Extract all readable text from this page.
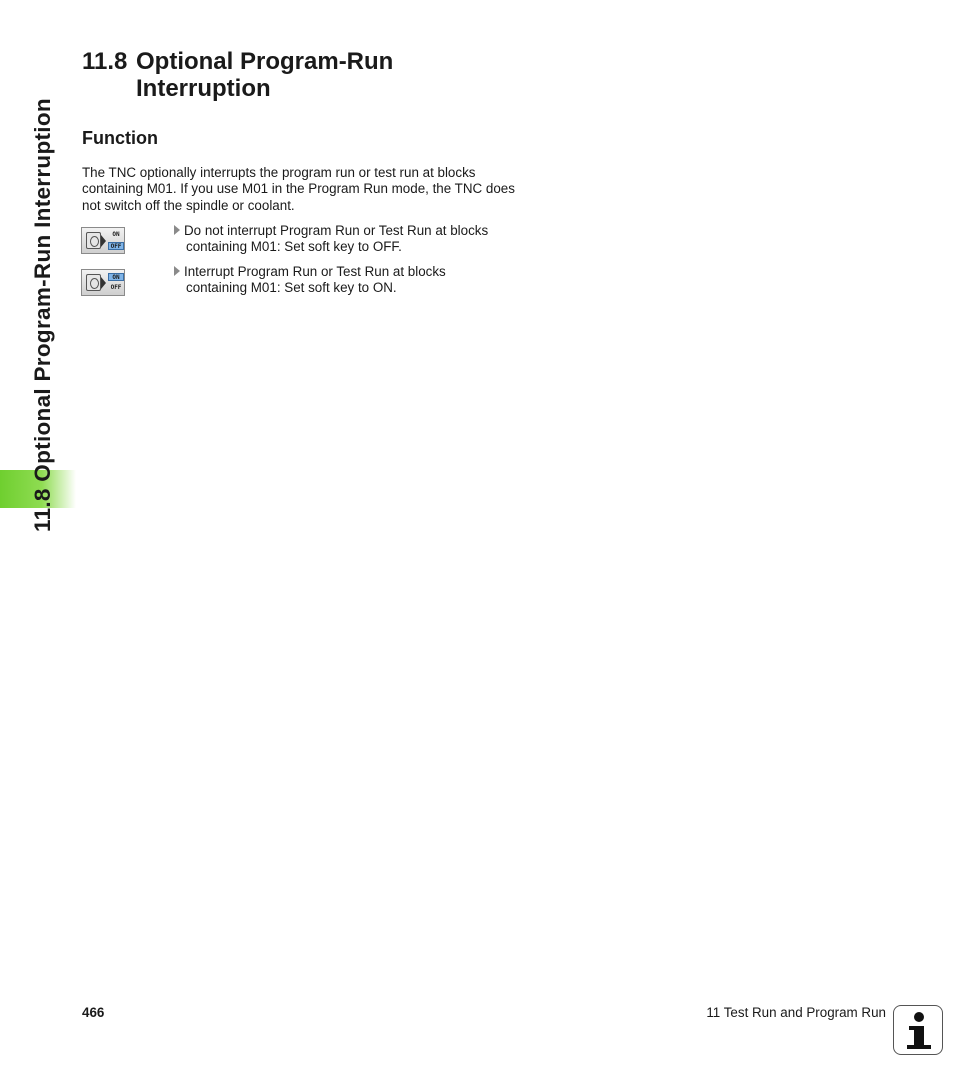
11.8 Optional Program-Run Interruption
11.8 Optional Program-Run
Interruption
Function

The TNC optionally interrupts the program run or test run at blocks containing M01. If you use M01 in the Program Run mode, the TNC does not switch off the spindle or coolant.

ON
OFF

Do not interrupt Program Run or Test Run at blocks
containing M01: Set soft key to OFF.

ON
OFF

Interrupt Program Run or Test Run at blocks
containing M01: Set soft key to ON.

466	11 Test Run and Program Run
